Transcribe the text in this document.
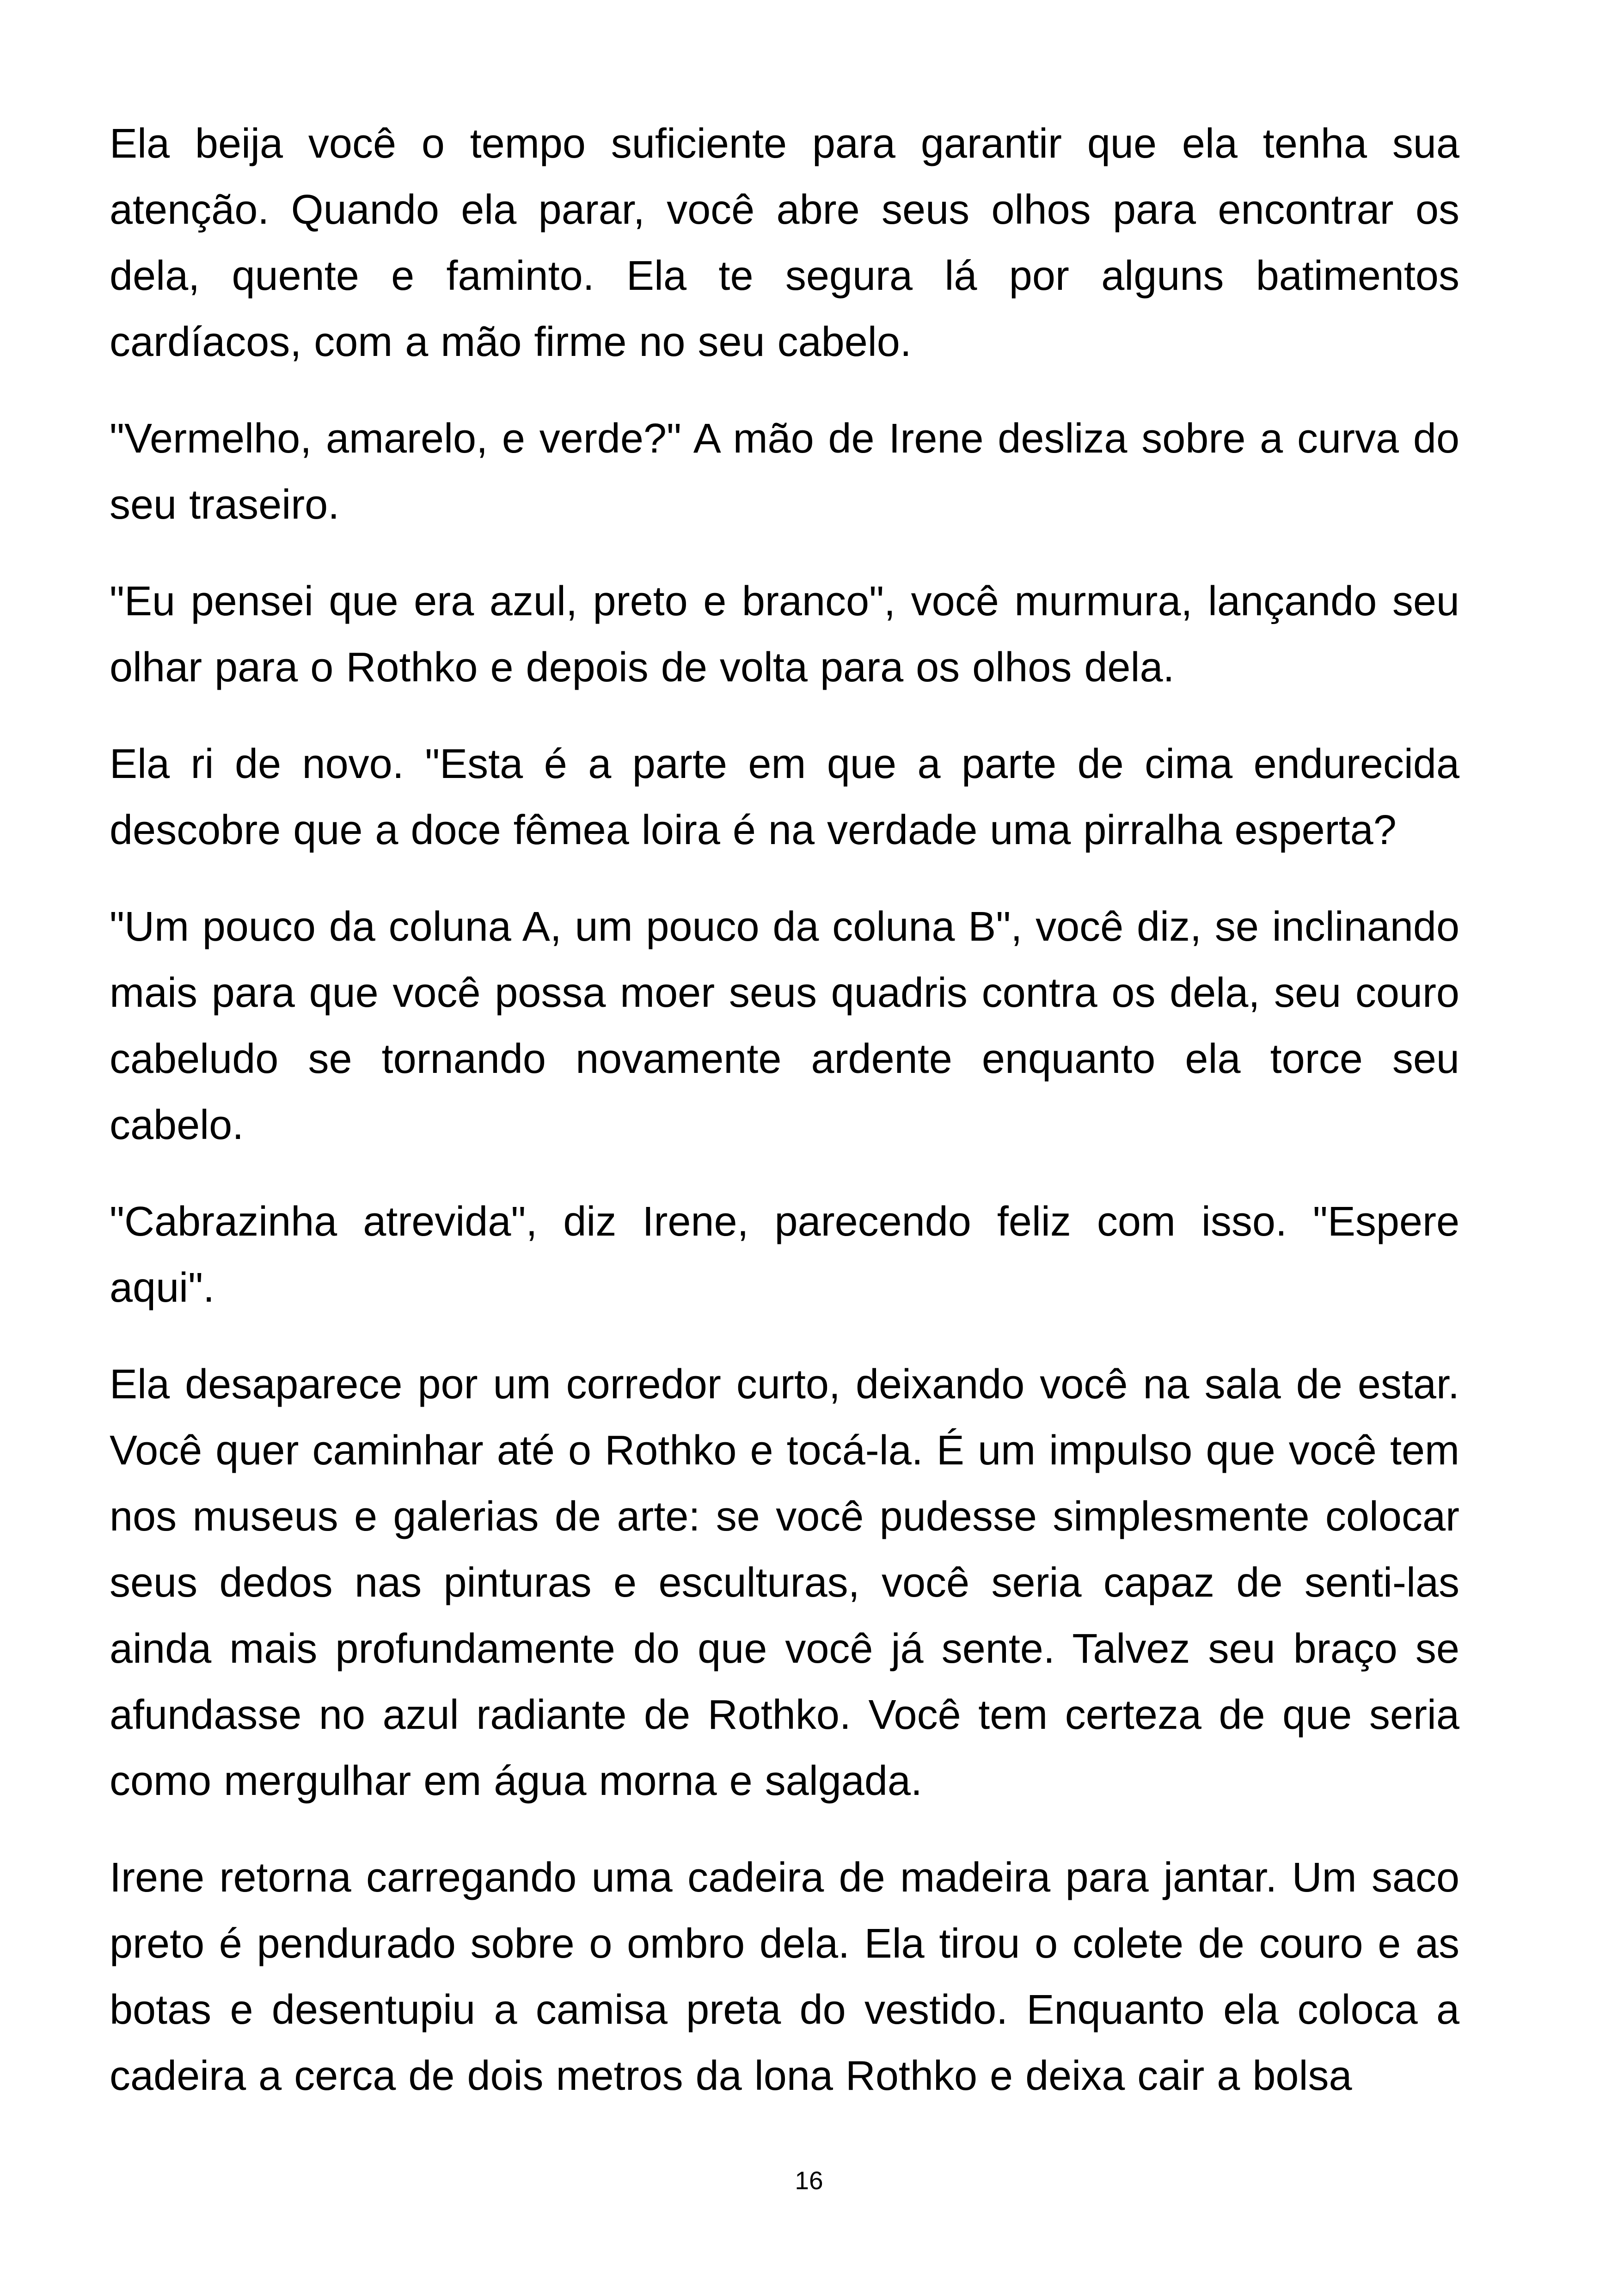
Ela beija você o tempo suficiente para garantir que ela tenha sua atenção. Quando ela parar, você abre seus olhos para encontrar os dela, quente e faminto. Ela te segura lá por alguns batimentos cardíacos, com a mão firme no seu cabelo.

"Vermelho, amarelo, e verde?" A mão de Irene desliza sobre a curva do seu traseiro.

"Eu pensei que era azul, preto e branco", você murmura, lançando seu olhar para o Rothko e depois de volta para os olhos dela.

Ela ri de novo. "Esta é a parte em que a parte de cima endurecida descobre que a doce fêmea loira é na verdade uma pirralha esperta?

"Um pouco da coluna A, um pouco da coluna B", você diz, se inclinando mais para que você possa moer seus quadris contra os dela, seu couro cabeludo se tornando novamente ardente enquanto ela torce seu cabelo.

"Cabrazinha atrevida", diz Irene, parecendo feliz com isso. "Espere aqui".

Ela desaparece por um corredor curto, deixando você na sala de estar. Você quer caminhar até o Rothko e tocá-la. É um impulso que você tem nos museus e galerias de arte: se você pudesse simplesmente colocar seus dedos nas pinturas e esculturas, você seria capaz de senti-las ainda mais profundamente do que você já sente. Talvez seu braço se afundasse no azul radiante de Rothko. Você tem certeza de que seria como mergulhar em água morna e salgada.

Irene retorna carregando uma cadeira de madeira para jantar. Um saco preto é pendurado sobre o ombro dela. Ela tirou o colete de couro e as botas e desentupiu a camisa preta do vestido. Enquanto ela coloca a cadeira a cerca de dois metros da lona Rothko e deixa cair a bolsa

16
